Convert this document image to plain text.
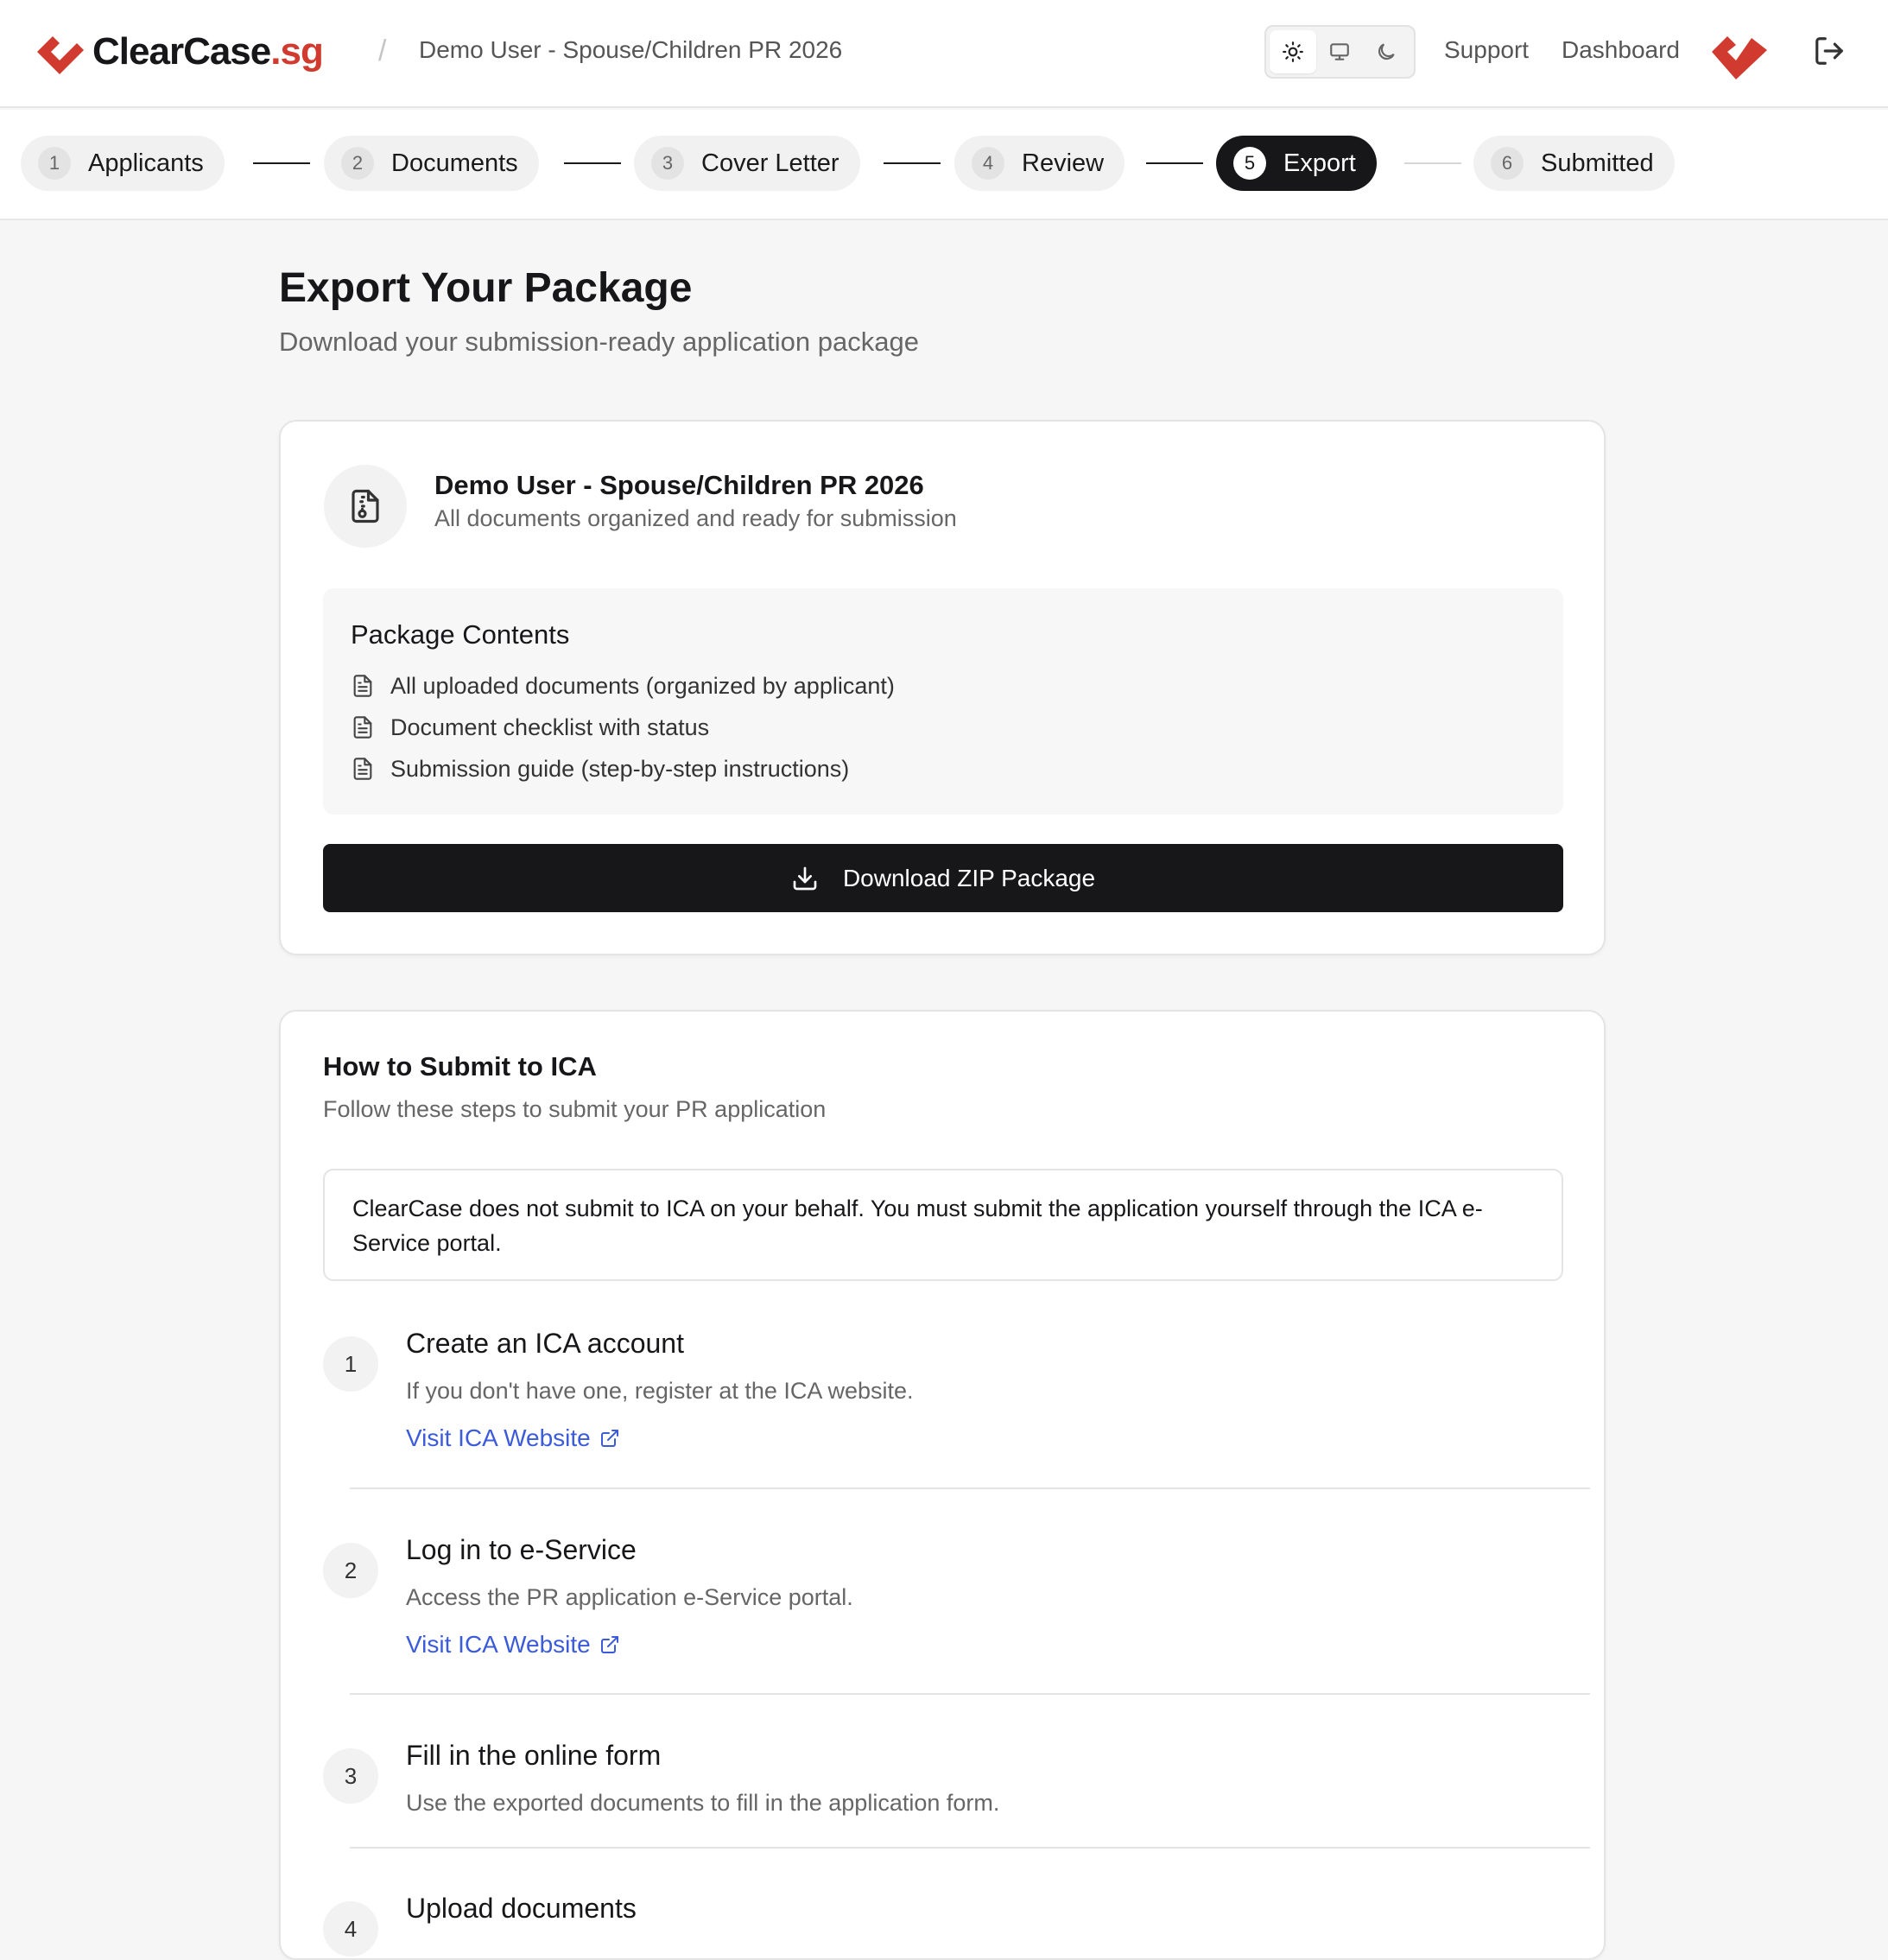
ClearCase.sg / Demo User - Spouse/Children PR 2026	Support Dashboard
1	Applicants	2	Documents	3	Cover Letter	4	Review	5	Export	6	Submitted
Export Your Package

Download your submission-ready application package

Demo User - Spouse/Children PR 2026
All documents organized and ready for submission
Package Contents
All uploaded documents (organized by applicant)
Document checklist with status
Submission guide (step-by-step instructions)
Download ZIP Package
How to Submit to ICA
Follow these steps to submit your PR application
ClearCase does not submit to ICA on your behalf. You must submit the application yourself through the ICA e-Service portal.
1
Create an ICA account
If you don't have one, register at the ICA website.
Visit ICA Website
2
Log in to e-Service
Access the PR application e-Service portal.
Visit ICA Website
3
Fill in the online form
Use the exported documents to fill in the application form.
4
Upload documents
